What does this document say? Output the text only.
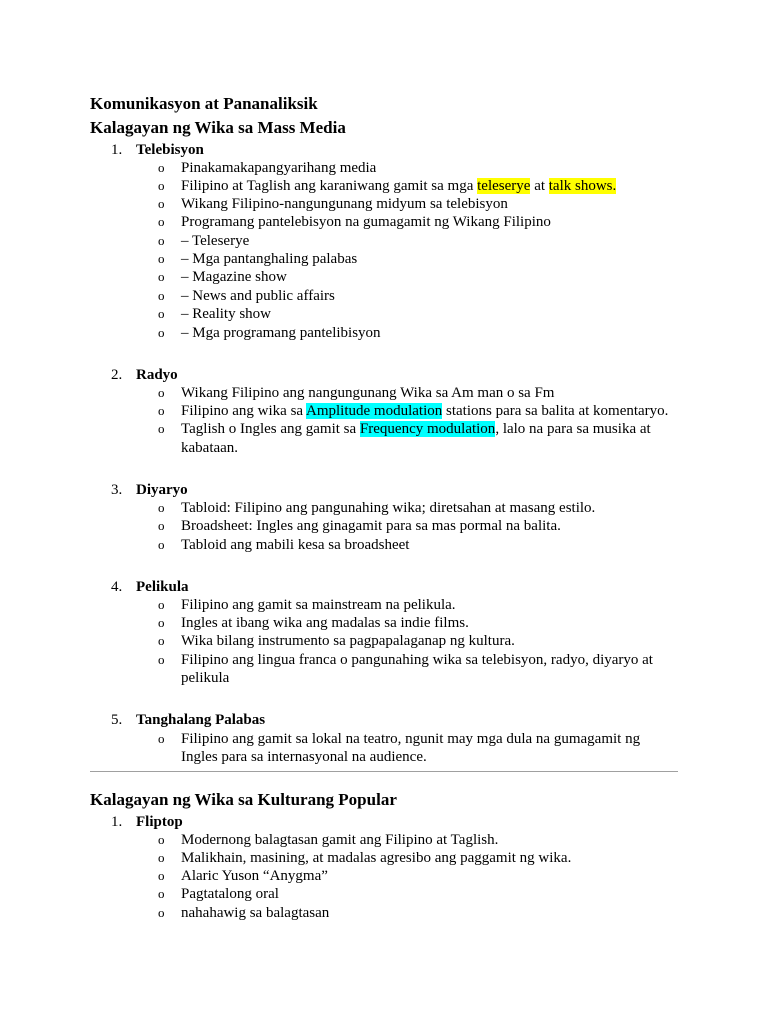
Komunikasyon at Pananaliksik
Kalagayan ng Wika sa Mass Media
1. Telebisyon
o Pinakamakapangyarihang media
o Filipino at Taglish ang karaniwang gamit sa mga teleserye at talk shows.
o Wikang Filipino-nangungunang midyum sa telebisyon
o Programang pantelebisyon na gumagamit ng Wikang Filipino
o – Teleserye
o – Mga pantanghaling palabas
o – Magazine show
o – News and public affairs
o – Reality show
o – Mga programang pantelibisyon
2. Radyo
o Wikang Filipino ang nangungunang Wika sa Am man o sa Fm
o Filipino ang wika sa Amplitude modulation stations para sa balita at komentaryo.
o Taglish o Ingles ang gamit sa Frequency modulation, lalo na para sa musika at
kabataan.
3. Diyaryo
o Tabloid: Filipino ang pangunahing wika; diretsahan at masang estilo.
o Broadsheet: Ingles ang ginagamit para sa mas pormal na balita.
o Tabloid ang mabili kesa sa broadsheet
4. Pelikula
o Filipino ang gamit sa mainstream na pelikula.
o Ingles at ibang wika ang madalas sa indie films.
o Wika bilang instrumento sa pagpapalaganap ng kultura.
o Filipino ang lingua franca o pangunahing wika sa telebisyon, radyo, diyaryo at
pelikula
5. Tanghalang Palabas
o Filipino ang gamit sa lokal na teatro, ngunit may mga dula na gumagamit ng
Ingles para sa internasyonal na audience.
Kalagayan ng Wika sa Kulturang Popular
1. Fliptop
o Modernong balagtasan gamit ang Filipino at Taglish.
o Malikhain, masining, at madalas agresibo ang paggamit ng wika.
o Alaric Yuson “Anygma”
o Pagtatalong oral
o nahahawig sa balagtasan
